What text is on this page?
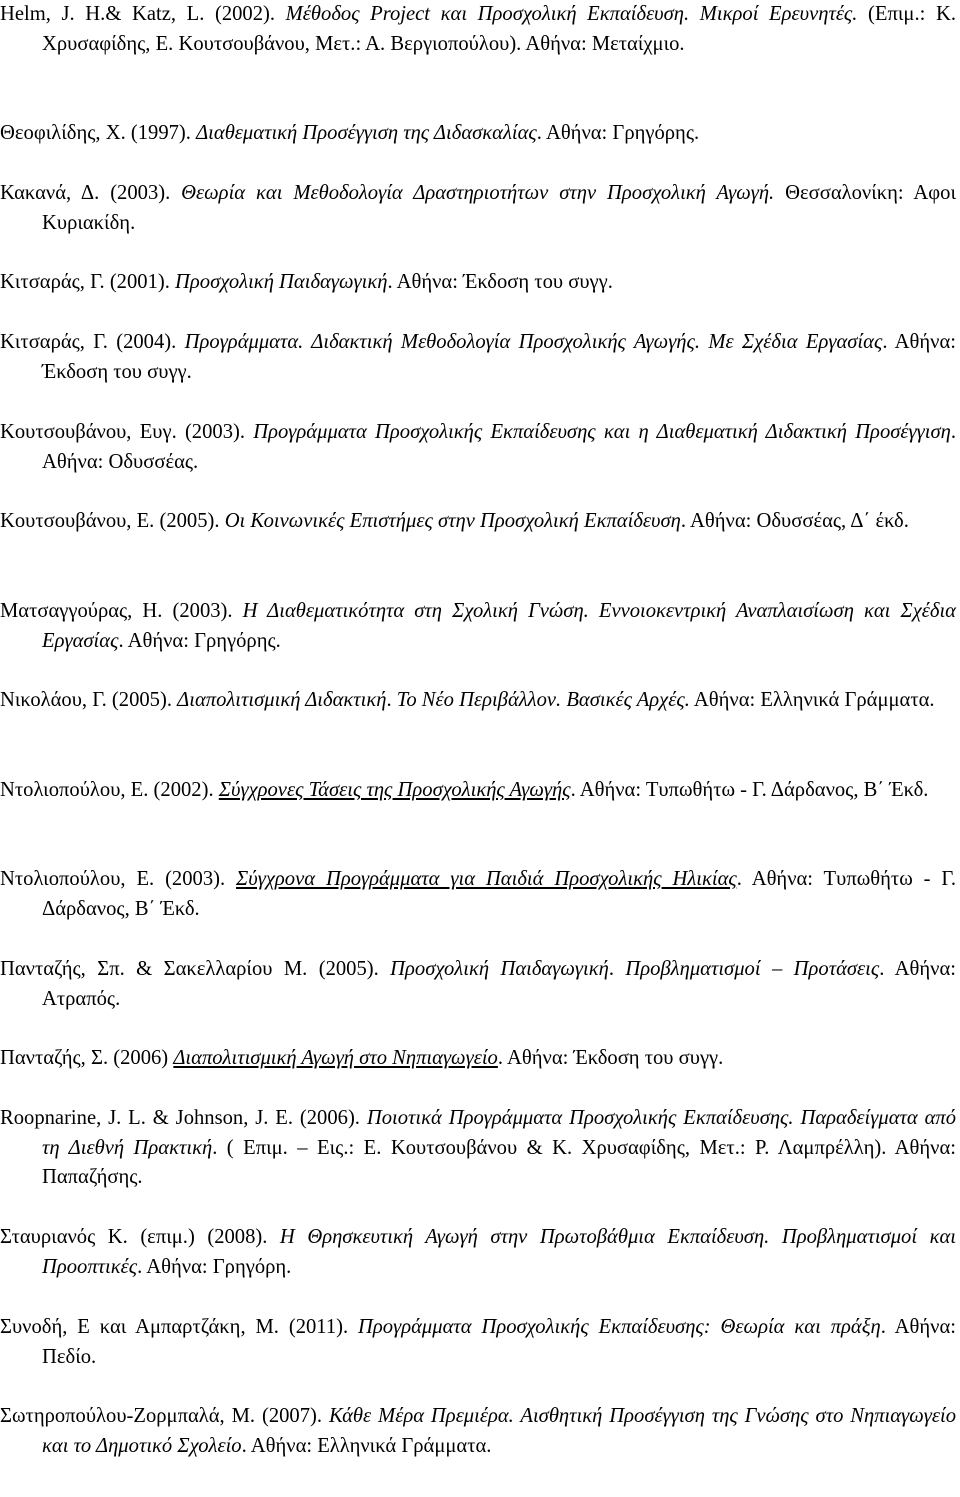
Helm, J. H.& Katz, L. (2002). Μέθοδος Project και Προσχολική Εκπαίδευση. Μικροί Ερευνητές. (Επιμ.: Κ. Χρυσαφίδης, Ε. Κουτσουβάνου, Μετ.: Α. Βεργιοπούλου). Αθήνα: Μεταίχμιο.
Θεοφιλίδης, Χ. (1997). Διαθεματική Προσέγγιση της Διδασκαλίας. Αθήνα: Γρηγόρης.
Κακανά, Δ. (2003). Θεωρία και Μεθοδολογία Δραστηριοτήτων στην Προσχολική Αγωγή. Θεσσαλονίκη: Αφοι Κυριακίδη.
Κιτσαράς, Γ. (2001). Προσχολική Παιδαγωγική. Αθήνα: Έκδοση του συγγ.
Κιτσαράς, Γ. (2004). Προγράμματα. Διδακτική Μεθοδολογία Προσχολικής Αγωγής. Με Σχέδια Εργασίας. Αθήνα: Έκδοση του συγγ.
Κουτσουβάνου, Ευγ. (2003). Προγράμματα Προσχολικής Εκπαίδευσης και η Διαθεματική Διδακτική Προσέγγιση. Αθήνα: Οδυσσέας.
Κουτσουβάνου, Ε. (2005). Οι Κοινωνικές Επιστήμες στην Προσχολική Εκπαίδευση. Αθήνα: Οδυσσέας, Δ΄ έκδ.
Ματσαγγούρας, Η. (2003). Η Διαθεματικότητα στη Σχολική Γνώση. Εννοιοκεντρική Αναπλαισίωση και Σχέδια Εργασίας. Αθήνα: Γρηγόρης.
Νικολάου, Γ. (2005). Διαπολιτισμική Διδακτική. Το Νέο Περιβάλλον. Βασικές Αρχές. Αθήνα: Ελληνικά Γράμματα.
Ντολιοπούλου, Ε. (2002). Σύγχρονες Τάσεις της Προσχολικής Αγωγής. Αθήνα: Τυπωθήτω - Γ. Δάρδανος, Β΄ Έκδ.
Ντολιοπούλου, Ε. (2003). Σύγχρονα Προγράμματα για Παιδιά Προσχολικής Ηλικίας. Αθήνα: Τυπωθήτω - Γ. Δάρδανος, Β΄ Έκδ.
Πανταζής, Σπ. & Σακελλαρίου Μ. (2005). Προσχολική Παιδαγωγική. Προβληματισμοί – Προτάσεις. Αθήνα: Ατραπός.
Πανταζής, Σ. (2006) Διαπολιτισμική Αγωγή στο Νηπιαγωγείο. Αθήνα: Έκδοση του συγγ.
Roopnarine, J. L. & Johnson, J. E. (2006). Ποιοτικά Προγράμματα Προσχολικής Εκπαίδευσης. Παραδείγματα από τη Διεθνή Πρακτική. ( Επιμ. – Εις.: Ε. Κουτσουβάνου & Κ. Χρυσαφίδης, Μετ.: Ρ. Λαμπρέλλη). Αθήνα: Παπαζήσης.
Σταυριανός Κ. (επιμ.) (2008). Η Θρησκευτική Αγωγή στην Πρωτοβάθμια Εκπαίδευση. Προβληματισμοί και Προοπτικές. Αθήνα: Γρηγόρη.
Συνοδή, Ε και Αμπαρτζάκη, Μ. (2011). Προγράμματα Προσχολικής Εκπαίδευσης: Θεωρία και πράξη. Αθήνα: Πεδίο.
Σωτηροπούλου-Ζορμπαλά, Μ. (2007). Κάθε Μέρα Πρεμιέρα. Αισθητική Προσέγγιση της Γνώσης στο Νηπιαγωγείο και το Δημοτικό Σχολείο. Αθήνα: Ελληνικά Γράμματα.
